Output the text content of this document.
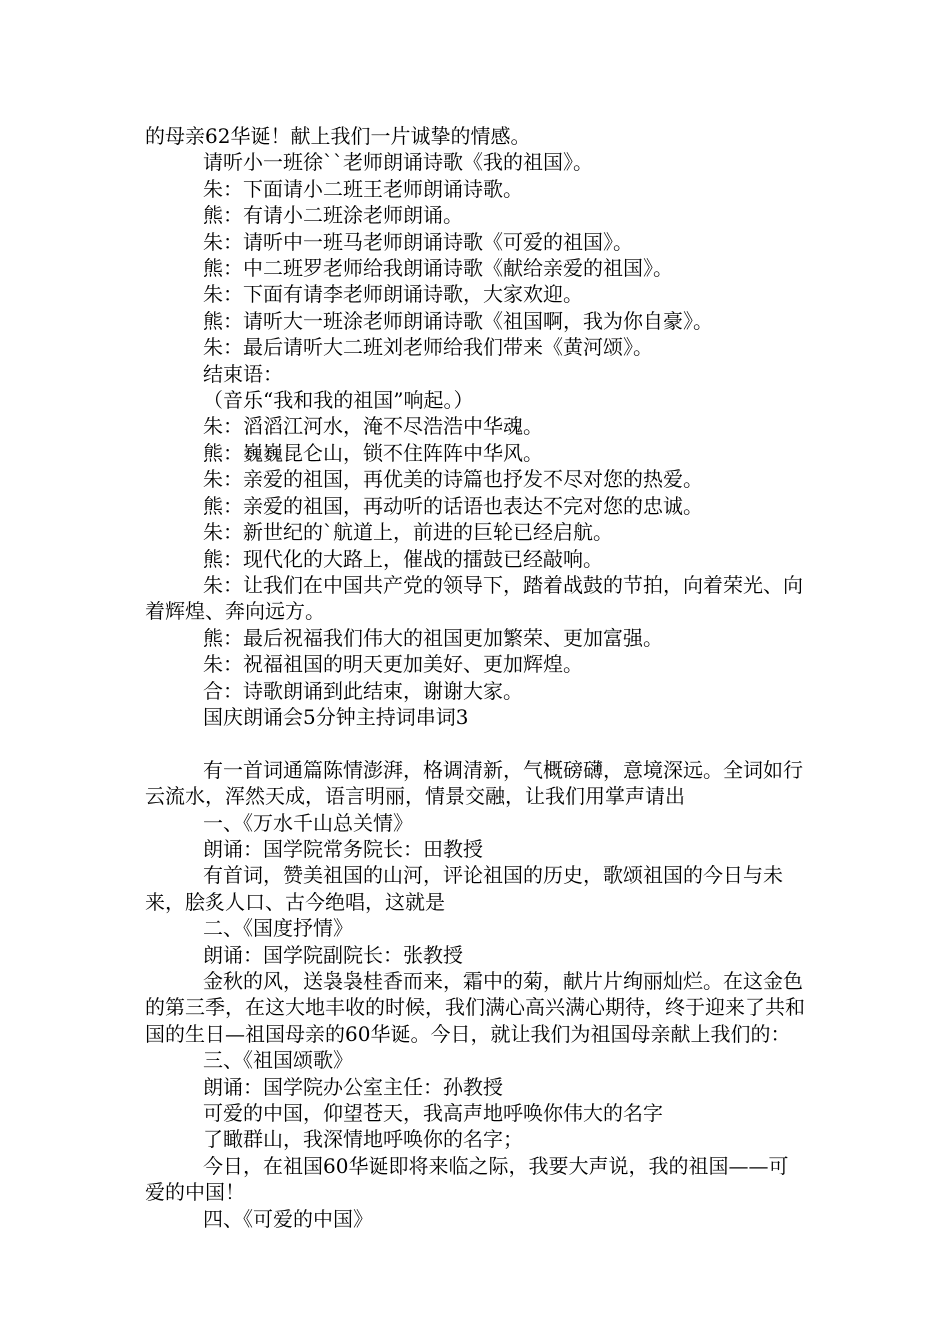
的母亲62华诞！献上我们一片诚挚的情感。

请听小一班徐``老师朗诵诗歌《我的祖国》。

朱：下面请小二班王老师朗诵诗歌。

熊：有请小二班涂老师朗诵。

朱：请听中一班马老师朗诵诗歌《可爱的祖国》。

熊：中二班罗老师给我朗诵诗歌《献给亲爱的祖国》。

朱：下面有请李老师朗诵诗歌，大家欢迎。

熊：请听大一班涂老师朗诵诗歌《祖国啊，我为你自豪》。

朱：最后请听大二班刘老师给我们带来《黄河颂》。

结束语：

（音乐“我和我的祖国”响起。）

朱：滔滔江河水，淹不尽浩浩中华魂。

熊：巍巍昆仑山，锁不住阵阵中华风。

朱：亲爱的祖国，再优美的诗篇也抒发不尽对您的热爱。

熊：亲爱的祖国，再动听的话语也表达不完对您的忠诚。

朱：新世纪的`航道上，前进的巨轮已经启航。

熊：现代化的大路上，催战的擂鼓已经敲响。

朱：让我们在中国共产党的领导下，踏着战鼓的节拍，向着荣光、向着辉煌、奔向远方。

熊：最后祝福我们伟大的祖国更加繁荣、更加富强。

朱：祝福祖国的明天更加美好、更加辉煌。

合：诗歌朗诵到此结束，谢谢大家。

国庆朗诵会5分钟主持词串词3

有一首词通篇陈情澎湃，格调清新，气概磅礴，意境深远。全词如行云流水，浑然天成，语言明丽，情景交融，让我们用掌声请出

一、《万水千山总关情》

朗诵：国学院常务院长：田教授

有首词，赞美祖国的山河，评论祖国的历史，歌颂祖国的今日与未来，脍炙人口、古今绝唱，这就是

二、《国度抒情》

朗诵：国学院副院长：张教授

金秋的风，送袅袅桂香而来，霜中的菊，献片片绚丽灿烂。在这金色的第三季，在这大地丰收的时候，我们满心高兴满心期待，终于迎来了共和国的生日—祖国母亲的60华诞。今日，就让我们为祖国母亲献上我们的：

三、《祖国颂歌》

朗诵：国学院办公室主任：孙教授

可爱的中国，仰望苍天，我高声地呼唤你伟大的名字

了瞰群山，我深情地呼唤你的名字；

今日，在祖国60华诞即将来临之际，我要大声说，我的祖国——可爱的中国！

四、《可爱的中国》
